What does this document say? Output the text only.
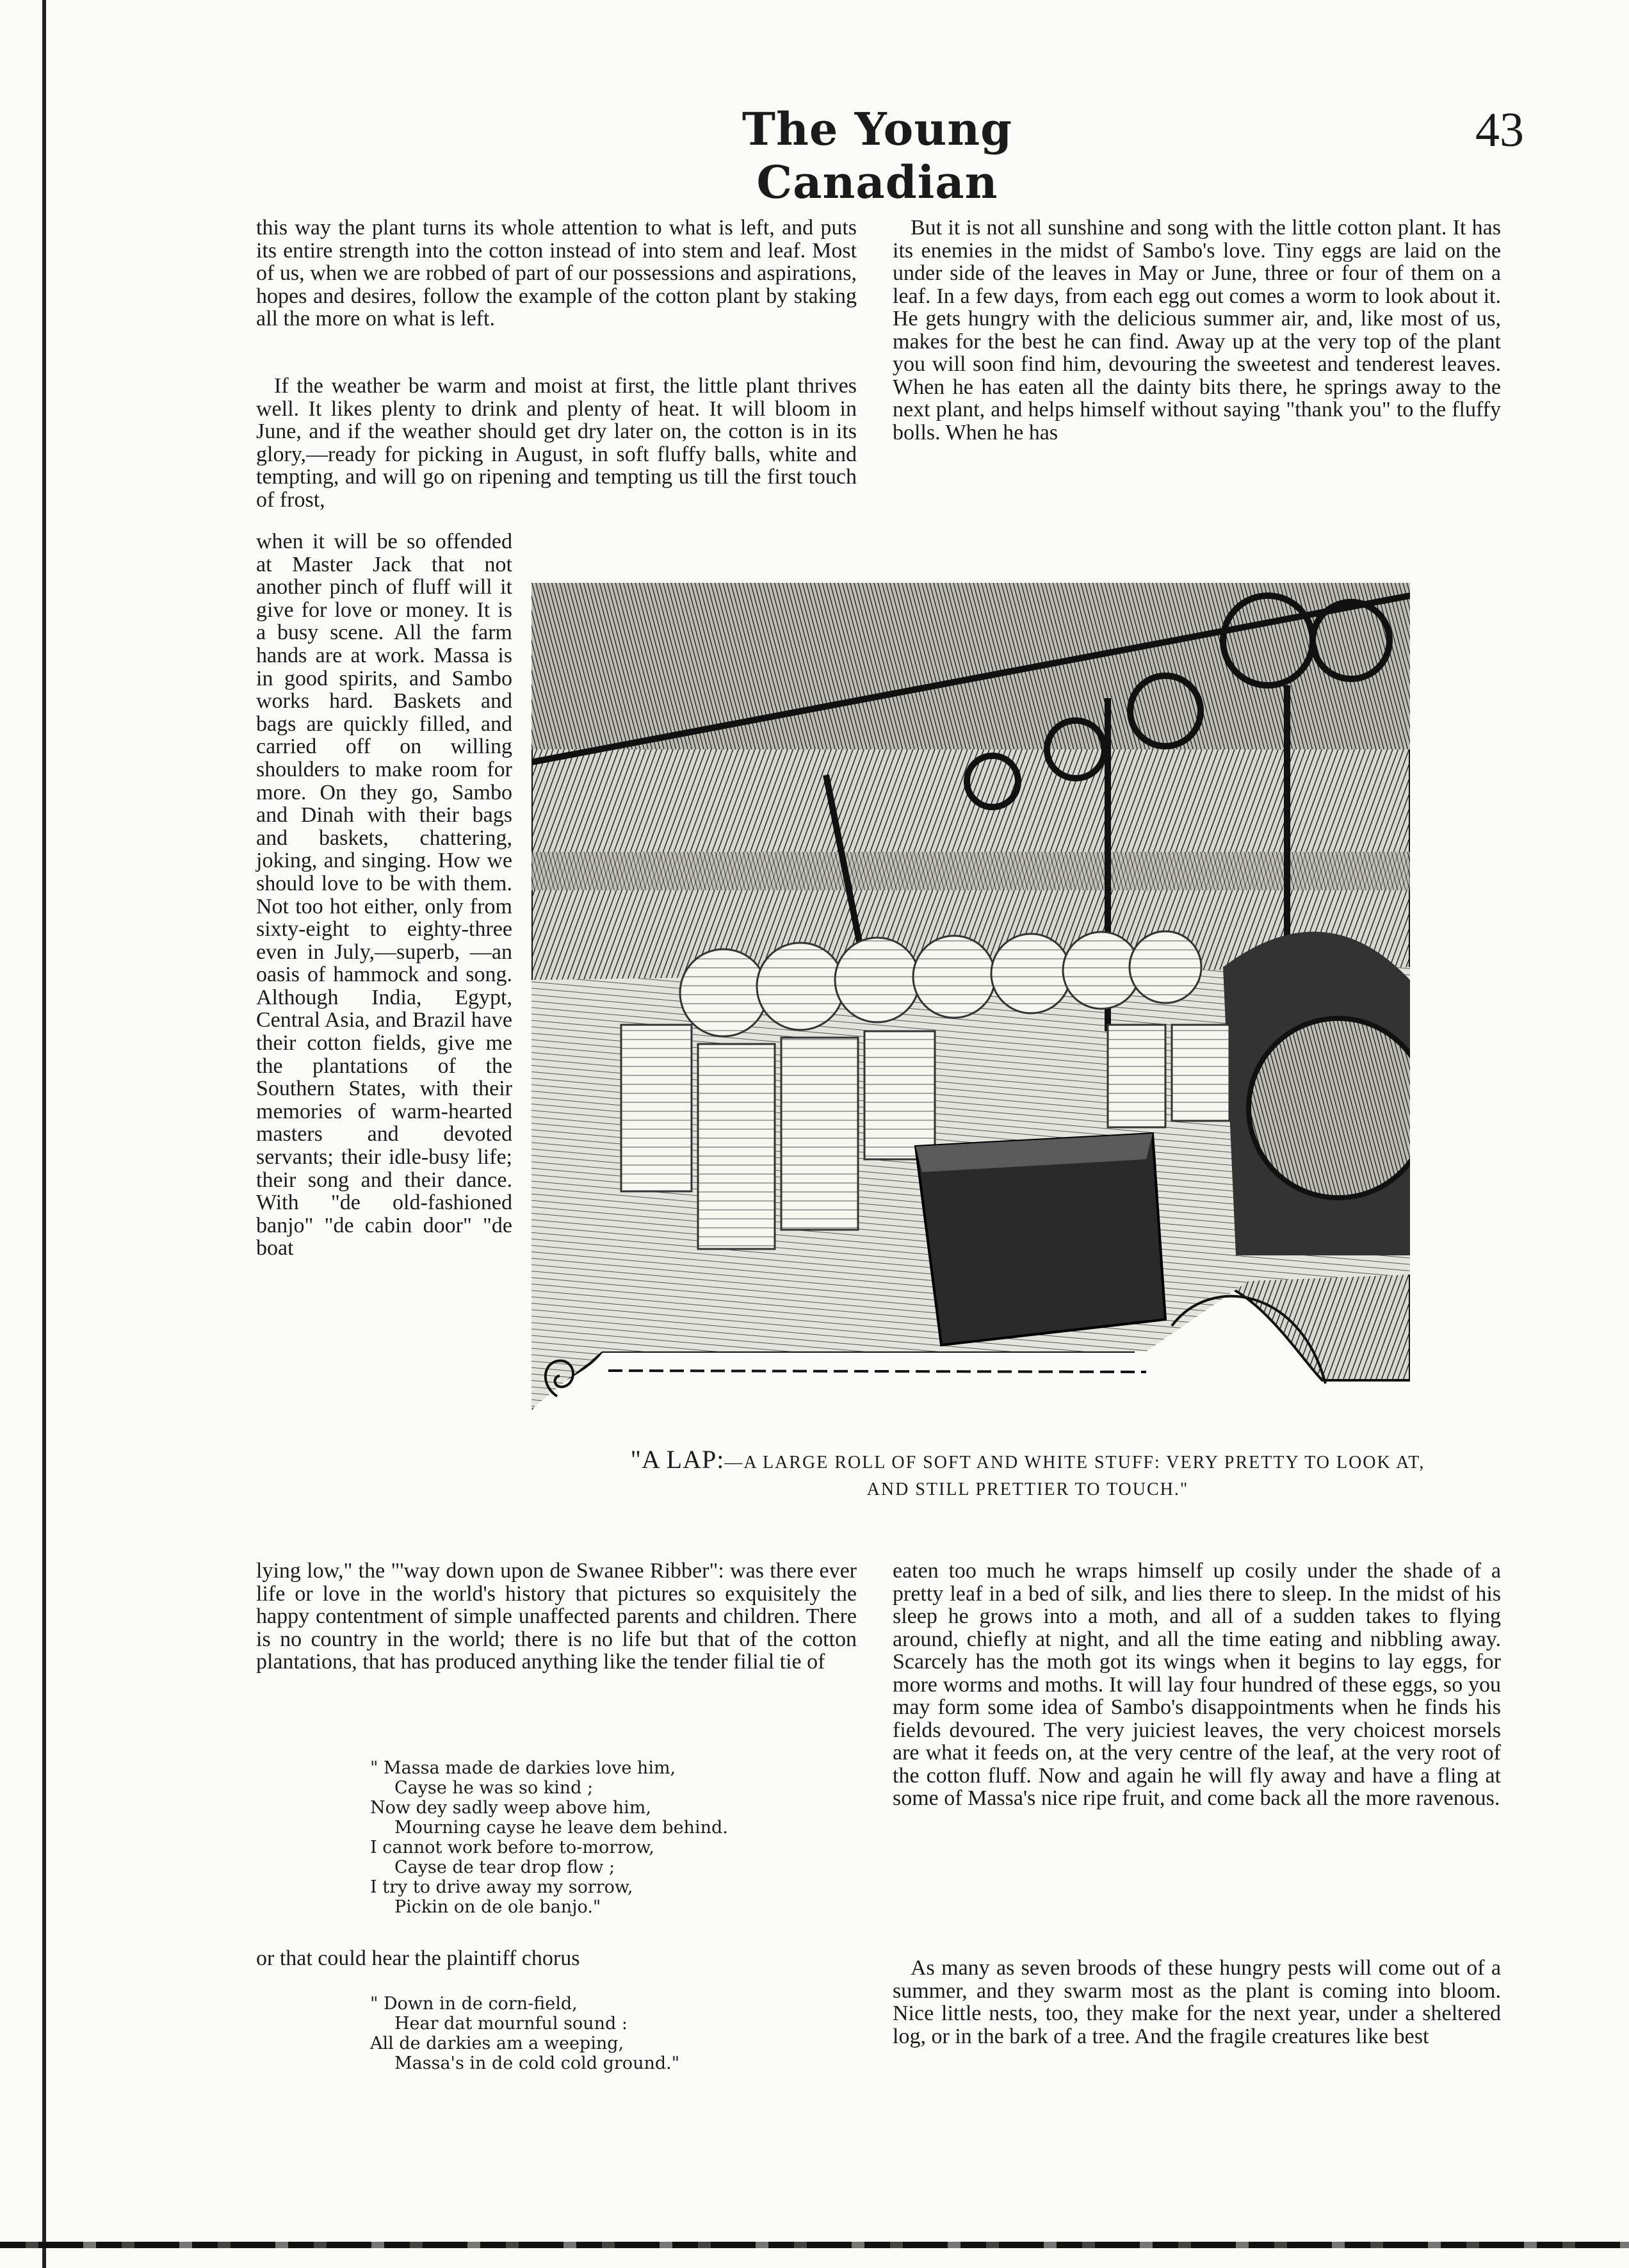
The Young Canadian
43

this way the plant turns its whole attention to what is left, and puts its entire strength into the cotton instead of into stem and leaf. Most of us, when we are robbed of part of our possessions and aspirations, hopes and desires, follow the example of the cotton plant by staking all the more on what is left.

If the weather be warm and moist at first, the little plant thrives well. It likes plenty to drink and plenty of heat. It will bloom in June, and if the weather should get dry later on, the cotton is in its glory,—ready for picking in August, in soft fluffy balls, white and tempting, and will go on ripening and tempting us till the first touch of frost,

when it will be so offended at Master Jack that not another pinch of fluff will it give for love or money. It is a busy scene. All the farm hands are at work. Massa is in good spirits, and Sambo works hard. Baskets and bags are quickly filled, and carried off on willing shoulders to make room for more. On they go, Sambo and Dinah with their bags and baskets, chattering, joking, and singing. How we should love to be with them. Not too hot either, only from sixty-eight to eighty-three even in July,—superb, —an oasis of hammock and song. Although India, Egypt, Central Asia, and Brazil have their cotton fields, give me the plantations of the Southern States, with their memories of warm-hearted masters and devoted servants; their idle-busy life; their song and their dance. With "de old-fashioned banjo" "de cabin door" "de boat

lying low," the "'way down upon de Swanee Ribber": was there ever life or love in the world's history that pictures so exquisitely the happy contentment of simple unaffected parents and children. There is no country in the world; there is no life but that of the cotton plantations, that has produced anything like the tender filial tie of

" Massa made de darkies love him,
Cayse he was so kind ;
Now dey sadly weep above him,
Mourning cayse he leave dem behind.
I cannot work before to-morrow,
Cayse de tear drop flow ;
I try to drive away my sorrow,
Pickin on de ole banjo."

or that could hear the plaintiff chorus

" Down in de corn-field,
Hear dat mournful sound :
All de darkies am a weeping,
Massa's in de cold cold ground."

But it is not all sunshine and song with the little cotton plant. It has its enemies in the midst of Sambo's love. Tiny eggs are laid on the under side of the leaves in May or June, three or four of them on a leaf. In a few days, from each egg out comes a worm to look about it. He gets hungry with the delicious summer air, and, like most of us, makes for the best he can find. Away up at the very top of the plant you will soon find him, devouring the sweetest and tenderest leaves. When he has eaten all the dainty bits there, he springs away to the next plant, and helps himself without saying "thank you" to the fluffy bolls. When he has

eaten too much he wraps himself up cosily under the shade of a pretty leaf in a bed of silk, and lies there to sleep. In the midst of his sleep he grows into a moth, and all of a sudden takes to flying around, chiefly at night, and all the time eating and nibbling away. Scarcely has the moth got its wings when it begins to lay eggs, for more worms and moths. It will lay four hundred of these eggs, so you may form some idea of Sambo's disappointments when he finds his fields devoured. The very juiciest leaves, the very choicest morsels are what it feeds on, at the very centre of the leaf, at the very root of the cotton fluff. Now and again he will fly away and have a fling at some of Massa's nice ripe fruit, and come back all the more ravenous.

As many as seven broods of these hungry pests will come out of a summer, and they swarm most as the plant is coming into bloom. Nice little nests, too, they make for the next year, under a sheltered log, or in the bark of a tree. And the fragile creatures like best

"A LAP:—A LARGE ROLL OF SOFT AND WHITE STUFF: VERY PRETTY TO LOOK AT, AND STILL PRETTIER TO TOUCH."
